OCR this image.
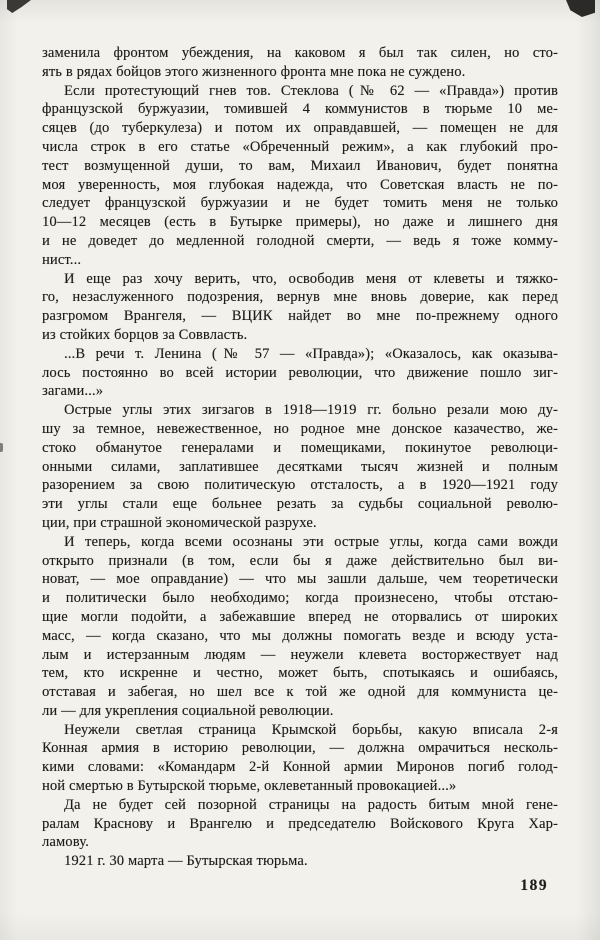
заменила фронтом убеждения, на каковом я был так силен, но сто-
ять в рядах бойцов этого жизненного фронта мне пока не суждено.
Если протестующий гнев тов. Стеклова (№ 62 — «Правда») против
французской буржуазии, томившей 4 коммунистов в тюрьме 10 ме-
сяцев (до туберкулеза) и потом их оправдавшей, — помещен не для
числа строк в его статье «Обреченный режим», а как глубокий про-
тест возмущенной души, то вам, Михаил Иванович, будет понятна
моя уверенность, моя глубокая надежда, что Советская власть не по-
следует французской буржуазии и не будет томить меня не только
10—12 месяцев (есть в Бутырке примеры), но даже и лишнего дня
и не доведет до медленной голодной смерти, — ведь я тоже комму-
нист...
И еще раз хочу верить, что, освободив меня от клеветы и тяжко-
го, незаслуженного подозрения, вернув мне вновь доверие, как перед
разгромом Врангеля, — ВЦИК найдет во мне по-прежнему одного
из стойких борцов за Соввласть.
...В речи т. Ленина (№ 57 — «Правда»); «Оказалось, как оказыва-
лось постоянно во всей истории революции, что движение пошло зиг-
загами...»
Острые углы этих зигзагов в 1918—1919 гг. больно резали мою ду-
шу за темное, невежественное, но родное мне донское казачество, же-
стоко обманутое генералами и помещиками, покинутое революци-
онными силами, заплатившее десятками тысяч жизней и полным
разорением за свою политическую отсталость, а в 1920—1921 году
эти углы стали еще больнее резать за судьбы социальной револю-
ции, при страшной экономической разрухе.
И теперь, когда всеми осознаны эти острые углы, когда сами вожди
открыто признали (в том, если бы я даже действительно был ви-
новат, — мое оправдание) — что мы зашли дальше, чем теоретически
и политически было необходимо; когда произнесено, чтобы отстаю-
щие могли подойти, а забежавшие вперед не оторвались от широких
масс, — когда сказано, что мы должны помогать везде и всюду уста-
лым и истерзанным людям — неужели клевета восторжествует над
тем, кто искренне и честно, может быть, спотыкаясь и ошибаясь,
отставая и забегая, но шел все к той же одной для коммуниста це-
ли — для укрепления социальной революции.
Неужели светлая страница Крымской борьбы, какую вписала 2-я
Конная армия в историю революции, — должна омрачиться несколь-
кими словами: «Командарм 2-й Конной армии Миронов погиб голод-
ной смертью в Бутырской тюрьме, оклеветанный провокацией...»
Да не будет сей позорной страницы на радость битым мной гене-
ралам Краснову и Врангелю и председателю Войскового Круга Хар-
ламову.
1921 г. 30 марта — Бутырская тюрьма.
189
